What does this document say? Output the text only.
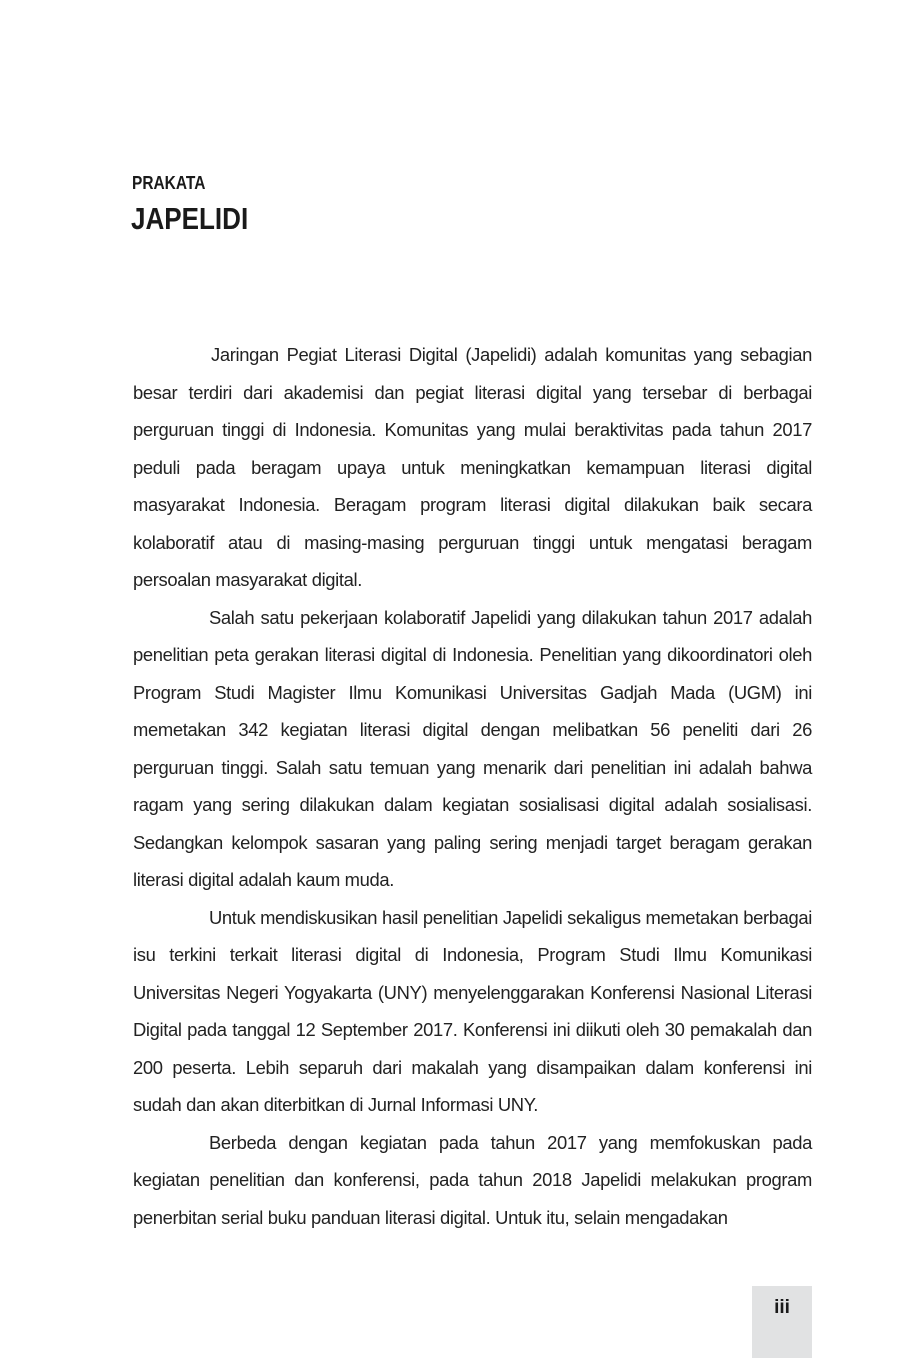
PRAKATA
JAPELIDI

Jaringan Pegiat Literasi Digital (Japelidi) adalah komunitas yang sebagian besar terdiri dari akademisi dan pegiat literasi digital yang tersebar di berbagai perguruan tinggi di Indonesia. Komunitas yang mulai beraktivitas pada tahun 2017 peduli pada beragam upaya untuk meningkatkan kemampuan literasi digital masyarakat Indonesia. Beragam program literasi digital dilakukan baik secara kolaboratif atau di masing-masing perguruan tinggi untuk mengatasi beragam persoalan masyarakat digital.

Salah satu pekerjaan kolaboratif Japelidi yang dilakukan tahun 2017 adalah penelitian peta gerakan literasi digital di Indonesia. Penelitian yang dikoordinatori oleh Program Studi Magister Ilmu Komunikasi Universitas Gadjah Mada (UGM) ini memetakan 342 kegiatan literasi digital dengan melibatkan 56 peneliti dari 26 perguruan tinggi. Salah satu temuan yang menarik dari penelitian ini adalah bahwa ragam yang sering dilakukan dalam kegiatan sosialisasi digital adalah sosialisasi. Sedangkan kelompok sasaran yang paling sering menjadi target beragam gerakan literasi digital adalah kaum muda.

Untuk mendiskusikan hasil penelitian Japelidi sekaligus memetakan berbagai isu terkini terkait literasi digital di Indonesia, Program Studi Ilmu Komunikasi Universitas Negeri Yogyakarta (UNY) menyelenggarakan Konferensi Nasional Literasi Digital pada tanggal 12 September 2017. Konferensi ini diikuti oleh 30 pemakalah dan 200 peserta. Lebih separuh dari makalah yang disampaikan dalam konferensi ini sudah dan akan diterbitkan di Jurnal Informasi UNY.

Berbeda dengan kegiatan pada tahun 2017 yang memfokuskan pada kegiatan penelitian dan konferensi, pada tahun 2018 Japelidi melakukan program penerbitan serial buku panduan literasi digital. Untuk itu, selain mengadakan

iii
